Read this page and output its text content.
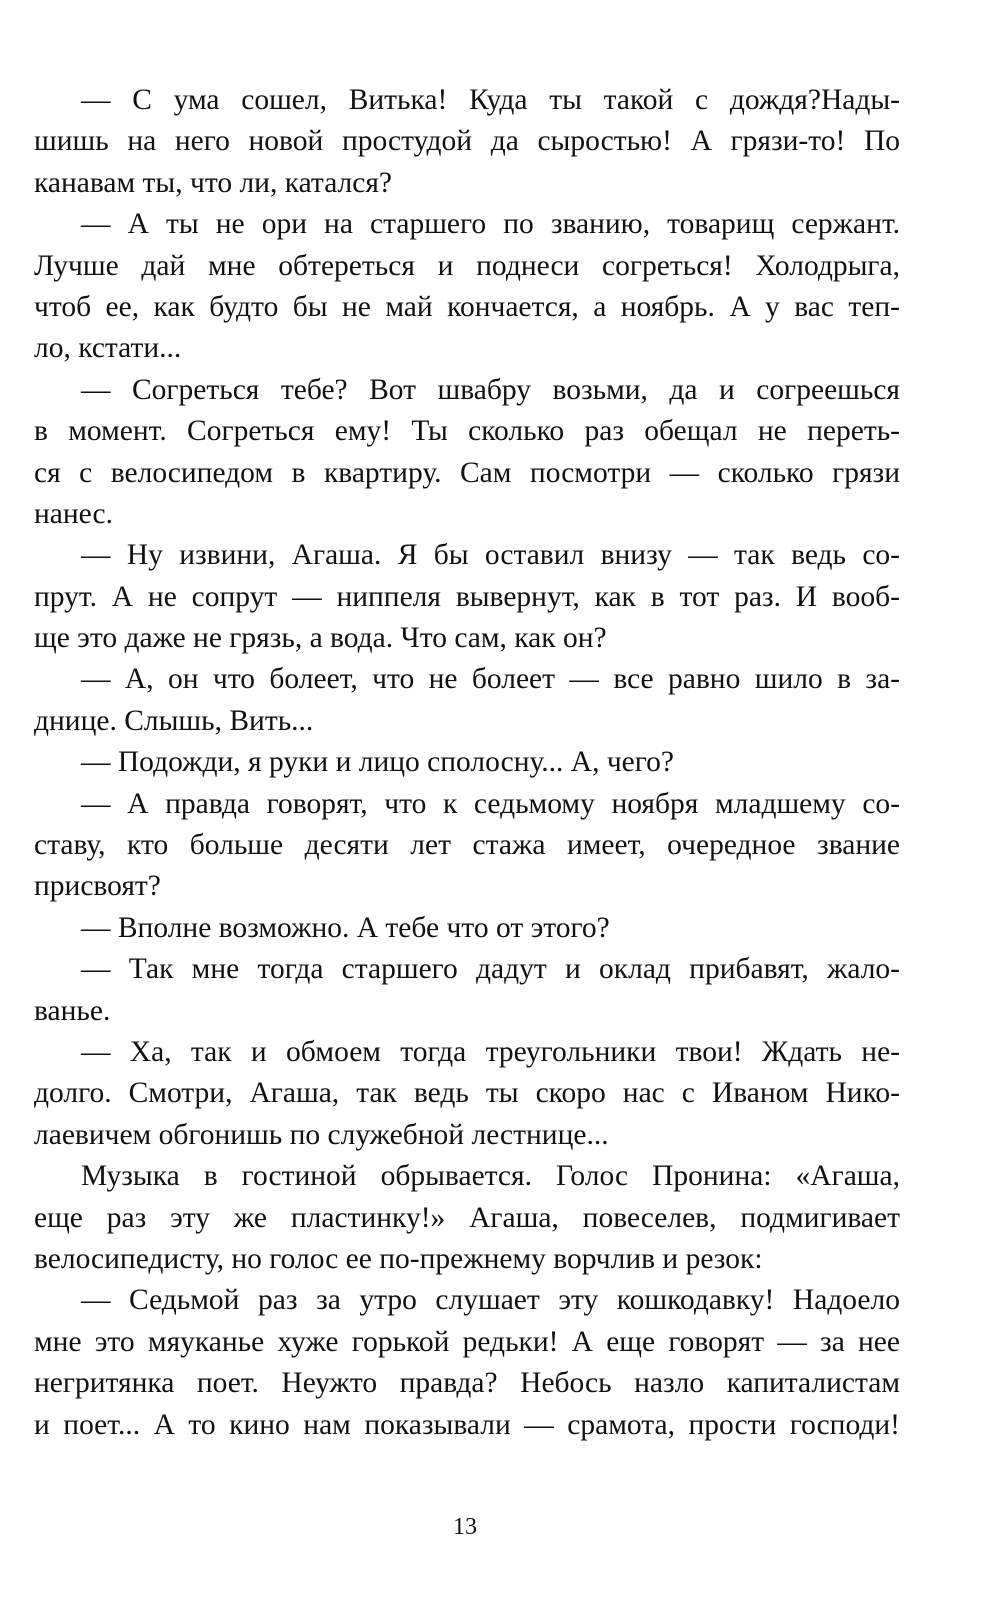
— С ума сошел, Витька! Куда ты такой с дождя?Нады-
шишь на него новой простудой да сыростью! А грязи-то! По
канавам ты, что ли, катался?
— А ты не ори на старшего по званию, товарищ сержант.
Лучше дай мне обтереться и поднеси согреться! Холодрыга,
чтоб ее, как будто бы не май кончается, а ноябрь. А у вас теп-
ло, кстати...
— Согреться тебе? Вот швабру возьми, да и согреешься
в момент. Согреться ему! Ты сколько раз обещал не переть-
ся с велосипедом в квартиру. Сам посмотри — сколько грязи
нанес.
— Ну извини, Агаша. Я бы оставил внизу — так ведь со-
прут. А не сопрут — ниппеля вывернут, как в тот раз. И вооб-
ще это даже не грязь, а вода. Что сам, как он?
— А, он что болеет, что не болеет — все равно шило в за-
днице. Слышь, Вить...
— Подожди, я руки и лицо сполосну... А, чего?
— А правда говорят, что к седьмому ноября младшему со-
ставу, кто больше десяти лет стажа имеет, очередное звание
присвоят?
— Вполне возможно. А тебе что от этого?
— Так мне тогда старшего дадут и оклад прибавят, жало-
ванье.
— Ха, так и обмоем тогда треугольники твои! Ждать не-
долго. Смотри, Агаша, так ведь ты скоро нас с Иваном Нико-
лаевичем обгонишь по служебной лестнице...
Музыка в гостиной обрывается. Голос Пронина: «Агаша,
еще раз эту же пластинку!» Агаша, повеселев, подмигивает
велосипедисту, но голос ее по-прежнему ворчлив и резок:
— Седьмой раз за утро слушает эту кошкодавку! Надоело
мне это мяуканье хуже горькой редьки! А еще говорят — за нее
негритянка поет. Неужто правда? Небось назло капиталистам
и поет... А то кино нам показывали — срамота, прости господи!
13
